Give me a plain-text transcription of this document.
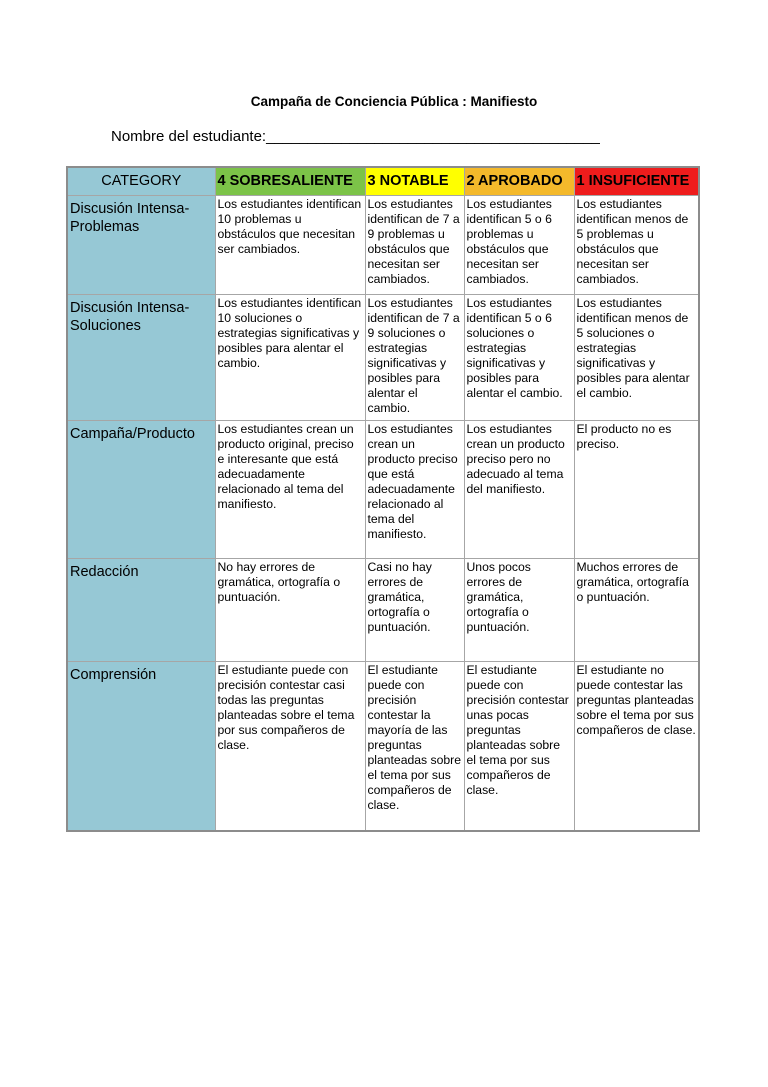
Campaña de Conciencia Pública : Manifiesto
Nombre del estudiante:________________________________________
CATEGORY	4 SOBRESALIENTE	3 NOTABLE	2 APROBADO	1 INSUFICIENTE
Discusión Intensa-Problemas	Los estudiantes identifican 10 problemas u obstáculos que necesitan ser cambiados.	Los estudiantes identifican de 7 a 9 problemas u obstáculos que necesitan ser cambiados.	Los estudiantes identifican 5 o 6 problemas u obstáculos que necesitan ser cambiados.	Los estudiantes identifican menos de 5 problemas u obstáculos que necesitan ser cambiados.
Discusión Intensa-Soluciones	Los estudiantes identifican 10 soluciones o estrategias significativas y posibles para alentar el cambio.	Los estudiantes identifican de 7 a 9 soluciones o estrategias significativas y posibles para alentar el cambio.	Los estudiantes identifican 5 o 6 soluciones o estrategias significativas y posibles para alentar el cambio.	Los estudiantes identifican menos de 5 soluciones o estrategias significativas y posibles para alentar el cambio.
Campaña/Producto	Los estudiantes crean un producto original, preciso e interesante que está adecuadamente relacionado al tema del manifiesto.	Los estudiantes crean un producto preciso que está adecuadamente relacionado al tema del manifiesto.	Los estudiantes crean un producto preciso pero no adecuado al tema del manifiesto.	El producto no es preciso.
Redacción	No hay errores de gramática, ortografía o puntuación.	Casi no hay errores de gramática, ortografía o puntuación.	Unos pocos errores de gramática, ortografía o puntuación.	Muchos errores de gramática, ortografía o puntuación.
Comprensión	El estudiante puede con precisión contestar casi todas las preguntas planteadas sobre el tema por sus compañeros de clase.	El estudiante puede con precisión contestar la mayoría de las preguntas planteadas sobre el tema por sus compañeros de clase.	El estudiante puede con precisión contestar unas pocas preguntas planteadas sobre el tema por sus compañeros de clase.	El estudiante no puede contestar las preguntas planteadas sobre el tema por sus compañeros de clase.
